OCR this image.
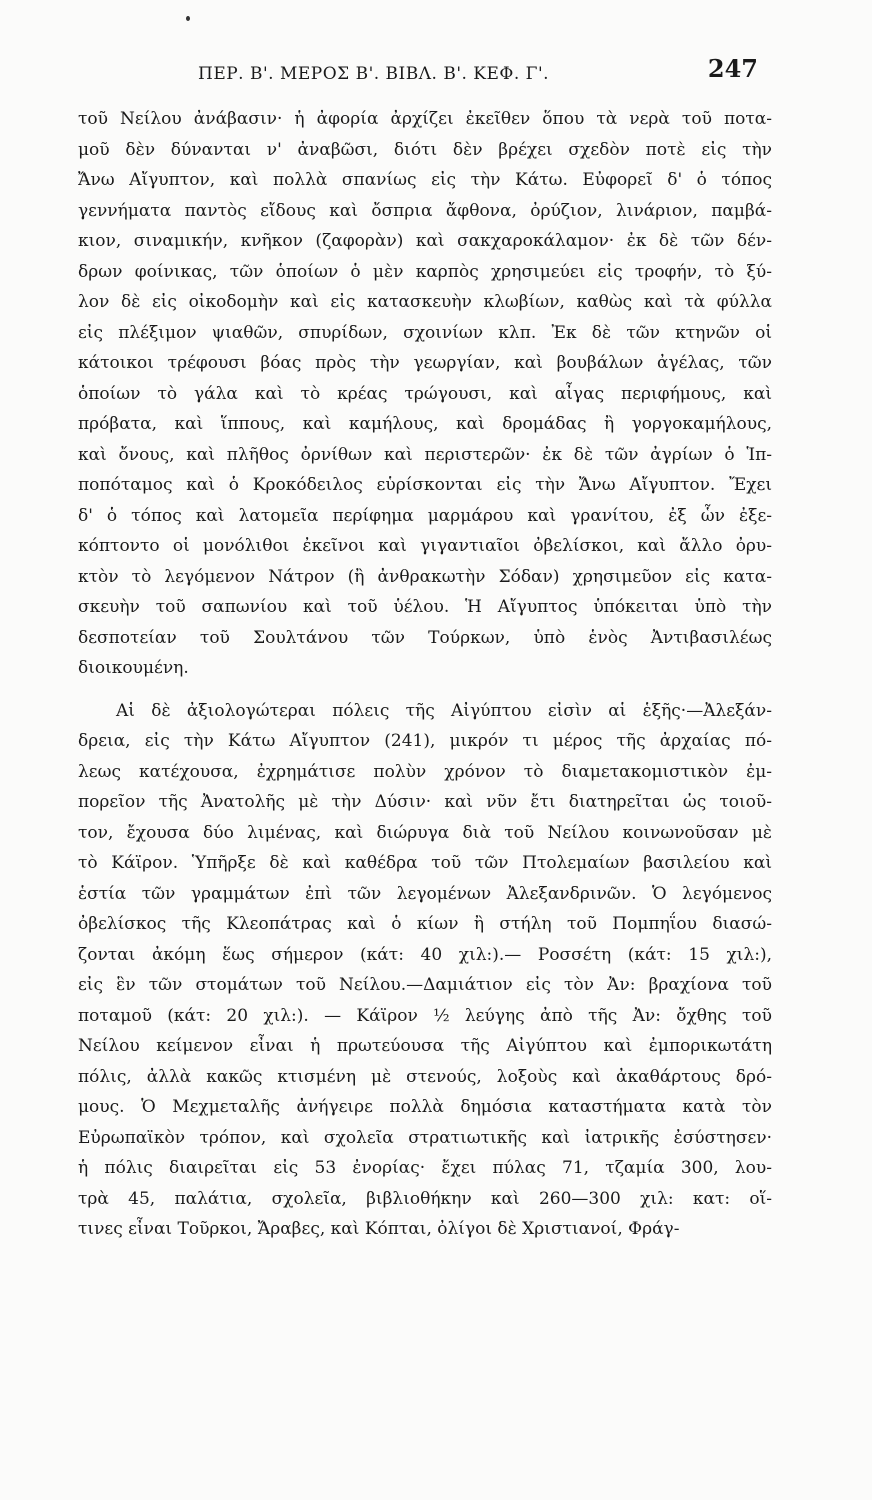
ΠΕΡ. Β'. ΜΕΡΟΣ Β'. ΒΙΒΛ. Β'. ΚΕΦ. Γ'.	247
τοῦ Νείλου ἀνάβασιν· ἡ ἀφορία ἀρχίζει ἐκεῖθεν ὅπου τὰ νερὰ τοῦ ποτα-
μοῦ δὲν δύνανται ν' ἀναβῶσι, διότι δὲν βρέχει σχεδὸν ποτὲ εἰς τὴν
Ἄνω Αἴγυπτον, καὶ πολλὰ σπανίως εἰς τὴν Κάτω. Εὐφορεῖ δ' ὁ τόπος
γεννήματα παντὸς εἴδους καὶ ὄσπρια ἄφθονα, ὀρύζιον, λινάριον, παμβά-
κιον, σιναμικήν, κνῆκον (ζαφορὰν) καὶ σακχαροκάλαμον· ἐκ δὲ τῶν δέν-
δρων φοίνικας, τῶν ὁποίων ὁ μὲν καρπὸς χρησιμεύει εἰς τροφήν, τὸ ξύ-
λον δὲ εἰς οἰκοδομὴν καὶ εἰς κατασκευὴν κλωβίων, καθὼς καὶ τὰ φύλλα
εἰς πλέξιμον ψιαθῶν, σπυρίδων, σχοινίων κλπ. Ἐκ δὲ τῶν κτηνῶν οἱ
κάτοικοι τρέφουσι βόας πρὸς τὴν γεωργίαν, καὶ βουβάλων ἀγέλας, τῶν
ὁποίων τὸ γάλα καὶ τὸ κρέας τρώγουσι, καὶ αἶγας περιφήμους, καὶ
πρόβατα, καὶ ἵππους, καὶ καμήλους, καὶ δρομάδας ἢ γοργοκαμήλους,
καὶ ὄνους, καὶ πλῆθος ὀρνίθων καὶ περιστερῶν· ἐκ δὲ τῶν ἀγρίων ὁ Ἱπ-
ποπόταμος καὶ ὁ Κροκόδειλος εὑρίσκονται εἰς τὴν Ἄνω Αἴγυπτον. Ἔχει
δ' ὁ τόπος καὶ λατομεῖα περίφημα μαρμάρου καὶ γρανίτου, ἐξ ὧν ἐξε-
κόπτοντο οἱ μονόλιθοι ἐκεῖνοι καὶ γιγαντιαῖοι ὀβελίσκοι, καὶ ἄλλο ὀρυ-
κτὸν τὸ λεγόμενον Νάτρον (ἢ ἀνθρακωτὴν Σόδαν) χρησιμεῦον εἰς κατα-
σκευὴν τοῦ σαπωνίου καὶ τοῦ ὑέλου. Ἡ Αἴγυπτος ὑπόκειται ὑπὸ τὴν
δεσποτείαν τοῦ Σουλτάνου τῶν Τούρκων, ὑπὸ ἑνὸς Ἀντιβασιλέως
διοικουμένη.
Αἱ δὲ ἀξιολογώτεραι πόλεις τῆς Αἰγύπτου εἰσὶν αἱ ἑξῆς·—Ἀλεξάν-
δρεια, εἰς τὴν Κάτω Αἴγυπτον (241), μικρόν τι μέρος τῆς ἀρχαίας πό-
λεως κατέχουσα, ἐχρημάτισε πολὺν χρόνον τὸ διαμετακομιστικὸν ἐμ-
πορεῖον τῆς Ἀνατολῆς μὲ τὴν Δύσιν· καὶ νῦν ἔτι διατηρεῖται ὡς τοιοῦ-
τον, ἔχουσα δύο λιμένας, καὶ διώρυγα διὰ τοῦ Νείλου κοινωνοῦσαν μὲ
τὸ Κάϊρον. Ὑπῆρξε δὲ καὶ καθέδρα τοῦ τῶν Πτολεμαίων βασιλείου καὶ
ἑστία τῶν γραμμάτων ἐπὶ τῶν λεγομένων Ἀλεξανδρινῶν. Ὁ λεγόμενος
ὀβελίσκος τῆς Κλεοπάτρας καὶ ὁ κίων ἢ στήλη τοῦ Πομπηΐου διασώ-
ζονται ἀκόμη ἕως σήμερον (κάτ: 40 χιλ:).— Ροσσέτη (κάτ: 15 χιλ:),
εἰς ἓν τῶν στομάτων τοῦ Νείλου.—Δαμιάτιον εἰς τὸν Ἀν: βραχίονα τοῦ
ποταμοῦ (κάτ: 20 χιλ:). — Κάϊρον ½ λεύγης ἀπὸ τῆς Ἀν: ὄχθης τοῦ
Νείλου κείμενον εἶναι ἡ πρωτεύουσα τῆς Αἰγύπτου καὶ ἐμπορικωτάτη
πόλις, ἀλλὰ κακῶς κτισμένη μὲ στενούς, λοξοὺς καὶ ἀκαθάρτους δρό-
μους. Ὁ Μεχμεταλῆς ἀνήγειρε πολλὰ δημόσια καταστήματα κατὰ τὸν
Εὐρωπαϊκὸν τρόπον, καὶ σχολεῖα στρατιωτικῆς καὶ ἰατρικῆς ἐσύστησεν·
ἡ πόλις διαιρεῖται εἰς 53 ἐνορίας· ἔχει πύλας 71, τζαμία 300, λου-
τρὰ 45, παλάτια, σχολεῖα, βιβλιοθήκην καὶ 260—300 χιλ: κατ: οἵ-
τινες εἶναι Τοῦρκοι, Ἄραβες, καὶ Κόπται, ὀλίγοι δὲ Χριστιανοί, Φράγ-
